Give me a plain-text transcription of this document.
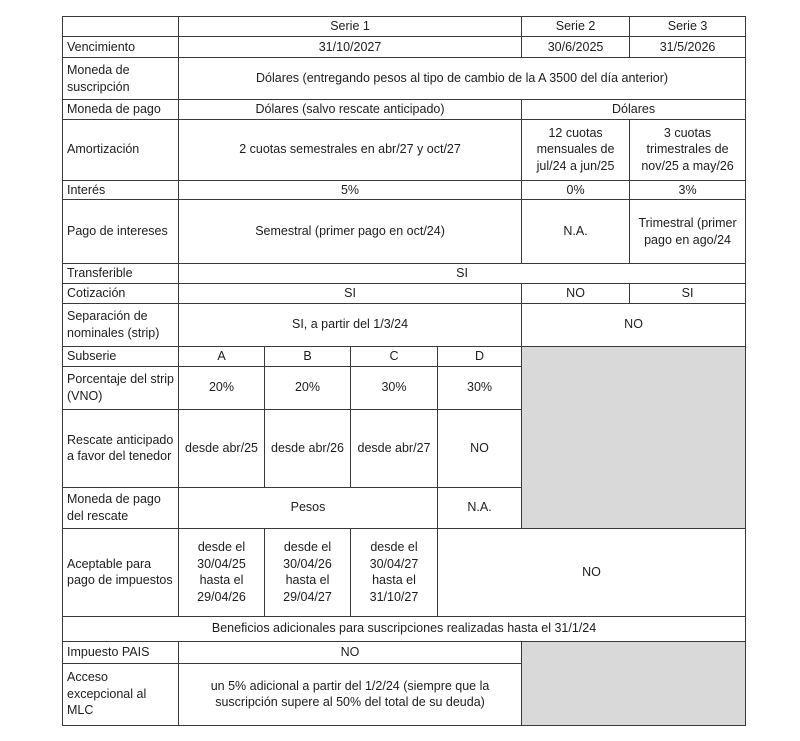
	Serie 1				Serie 2	Serie 3
Vencimiento	31/10/2027				30/6/2025	31/5/2026
Moneda de suscripción	Dólares (entregando pesos al tipo de cambio de la A 3500 del día anterior)					
Moneda de pago	Dólares (salvo rescate anticipado)				Dólares	
Amortización	2 cuotas semestrales en abr/27 y oct/27				12 cuotas mensuales de jul/24 a jun/25	3 cuotas trimestrales de nov/25 a may/26
Interés	5%				0%	3%
Pago de intereses	Semestral (primer pago en oct/24)				N.A.	Trimestral (primer pago en ago/24
Transferible	SI					
Cotización	SI				NO	SI
Separación de nominales (strip)	SI, a partir del 1/3/24				NO	
Subserie	A	B	C	D		
Porcentaje del strip (VNO)	20%	20%	30%	30%		
Rescate anticipado a favor del tenedor	desde abr/25	desde abr/26	desde abr/27	NO		
Moneda de pago del rescate	Pesos			N.A.		
Aceptable para pago de impuestos	desde el 30/04/25 hasta el 29/04/26	desde el 30/04/26 hasta el 29/04/27	desde el 30/04/27 hasta el 31/10/27	NO		
Beneficios adicionales para suscripciones realizadas hasta el 31/1/24						
Impuesto PAIS	NO					
Acceso excepcional al MLC	un 5% adicional a partir del 1/2/24 (siempre que la suscripción supere al 50% del total de su deuda)					
